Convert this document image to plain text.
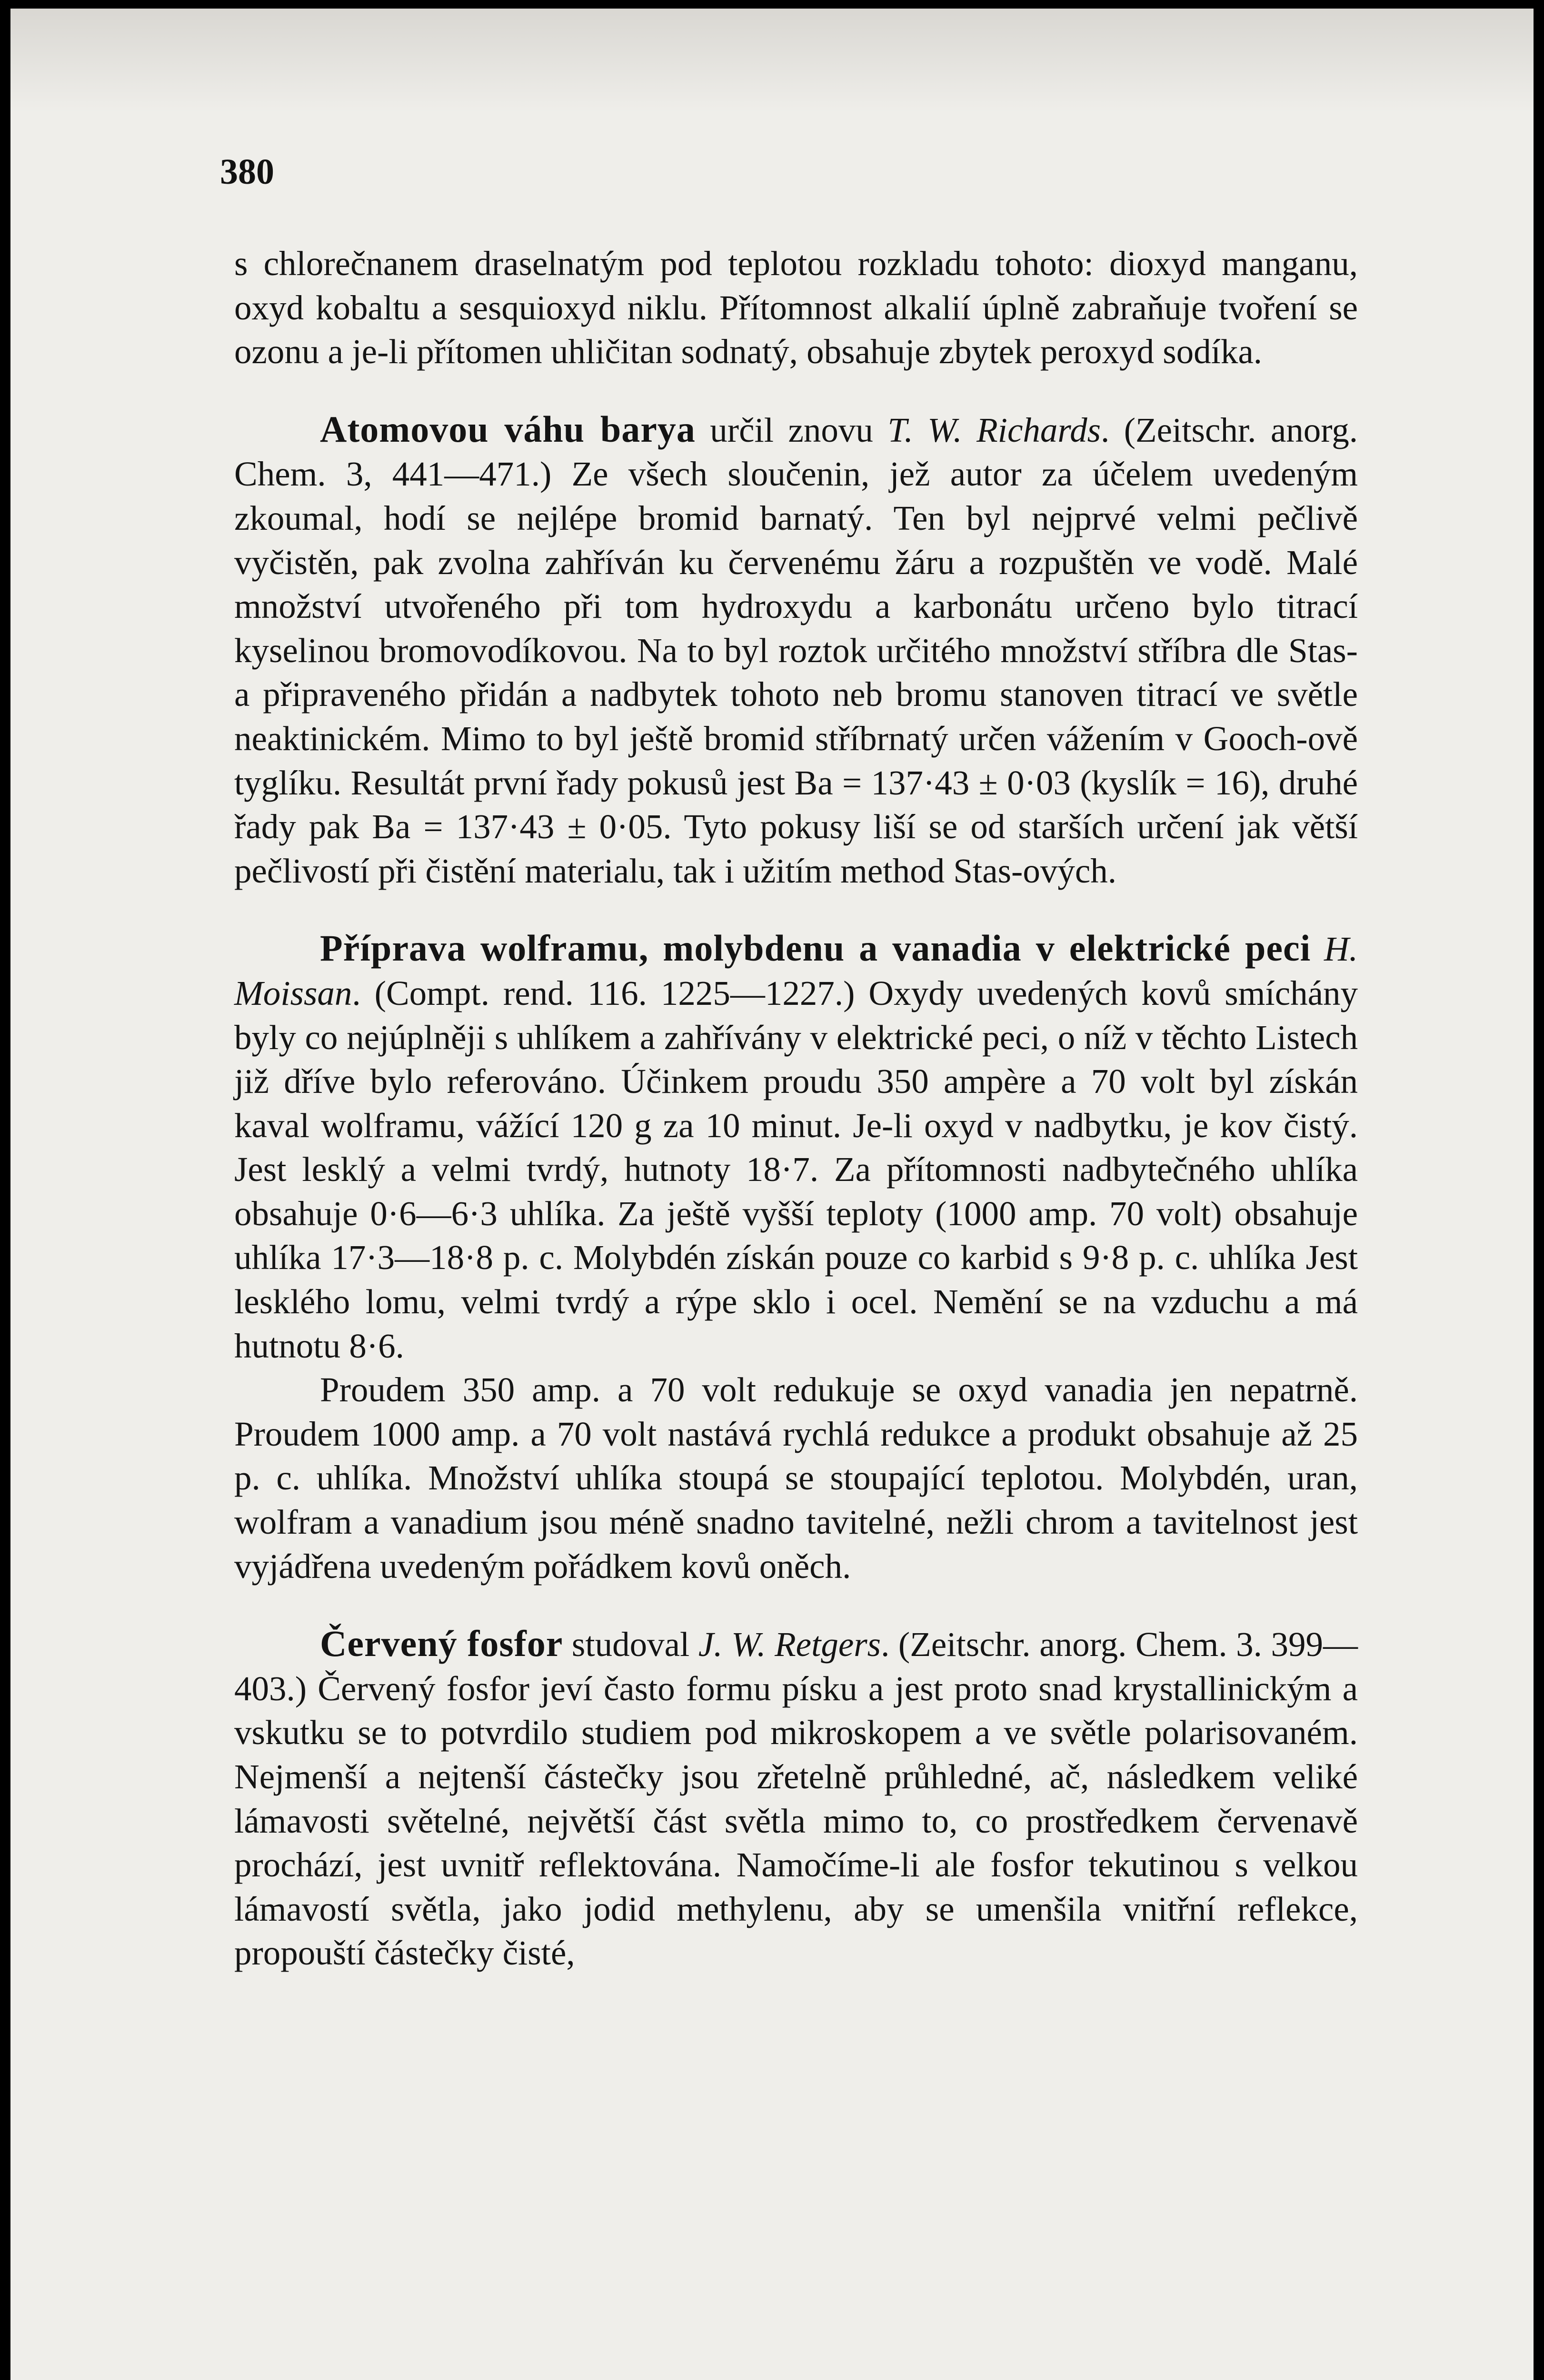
380

s chlorečnanem draselnatým pod teplotou rozkladu tohoto: dioxyd manganu, oxyd kobaltu a sesquioxyd niklu. Přítomnost alkalií úplně zabraňuje tvoření se ozonu a je-li přítomen uhličitan sodnatý, obsahuje zbytek peroxyd sodíka.

Atomovou váhu barya určil znovu T. W. Richards. (Zeitschr. anorg. Chem. 3, 441—471.) Ze všech sloučenin, jež autor za účelem uvedeným zkoumal, hodí se nejlépe bromid barnatý. Ten byl nejprvé velmi pečlivě vyčistěn, pak zvolna zahříván ku červenému žáru a rozpuštěn ve vodě. Malé množství utvořeného při tom hydroxydu a karbonátu určeno bylo titrací kyselinou bromovodíkovou. Na to byl roztok určitého množství stříbra dle Stas-a připraveného přidán a nadbytek tohoto neb bromu stanoven titrací ve světle neaktinickém. Mimo to byl ještě bromid stříbrnatý určen vážením v Gooch-ově tyglíku. Resultát první řady pokusů jest Ba = 137·43 ± 0·03 (kyslík = 16), druhé řady pak Ba = 137·43 ± 0·05. Tyto pokusy liší se od starších určení jak větší pečlivostí při čistění materialu, tak i užitím method Stas-ových.

Příprava wolframu, molybdenu a vanadia v elektrické peci H. Moissan. (Compt. rend. 116. 1225—1227.) Oxydy uvedených kovů smíchány byly co nejúplněji s uhlíkem a zahřívány v elektrické peci, o níž v těchto Listech již dříve bylo referováno. Účinkem proudu 350 ampère a 70 volt byl získán kaval wolframu, vážící 120 g za 10 minut. Je-li oxyd v nadbytku, je kov čistý. Jest lesklý a velmi tvrdý, hutnoty 18·7. Za přítomnosti nadbytečného uhlíka obsahuje 0·6—6·3 uhlíka. Za ještě vyšší teploty (1000 amp. 70 volt) obsahuje uhlíka 17·3—18·8 p. c. Molybdén získán pouze co karbid s 9·8 p. c. uhlíka Jest lesklého lomu, velmi tvrdý a rýpe sklo i ocel. Nemění se na vzduchu a má hutnotu 8·6.

Proudem 350 amp. a 70 volt redukuje se oxyd vanadia jen nepatrně. Proudem 1000 amp. a 70 volt nastává rychlá redukce a produkt obsahuje až 25 p. c. uhlíka. Množství uhlíka stoupá se stoupající teplotou. Molybdén, uran, wolfram a vanadium jsou méně snadno tavitelné, nežli chrom a tavitelnost jest vyjádřena uvedeným pořádkem kovů oněch.

Červený fosfor studoval J. W. Retgers. (Zeitschr. anorg. Chem. 3. 399—403.) Červený fosfor jeví často formu písku a jest proto snad krystallinickým a vskutku se to potvrdilo studiem pod mikroskopem a ve světle polarisovaném. Nejmenší a nejtenší částečky jsou zřetelně průhledné, ač, následkem veliké lámavosti světelné, největší část světla mimo to, co prostředkem červenavě prochází, jest uvnitř reflektována. Namočíme-li ale fosfor tekutinou s velkou lámavostí světla, jako jodid methylenu, aby se umenšila vnitřní reflekce, propouští částečky čisté,
